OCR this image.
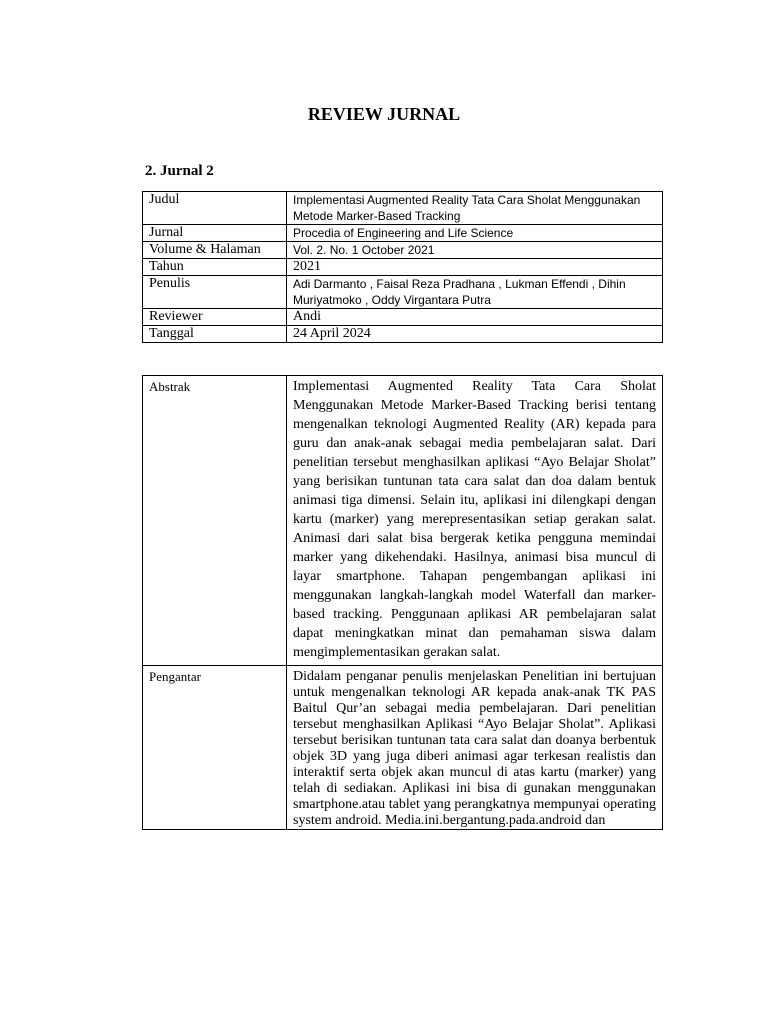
REVIEW JURNAL
2. Jurnal 2
Judul	Implementasi Augmented Reality Tata Cara Sholat Menggunakan Metode Marker-Based Tracking
Jurnal	Procedia of Engineering and Life Science
Volume & Halaman	Vol. 2. No. 1 October 2021
Tahun	2021
Penulis	Adi Darmanto , Faisal Reza Pradhana , Lukman Effendi , Dihin Muriyatmoko , Oddy Virgantara Putra
Reviewer	Andi
Tanggal	24 April 2024
Abstrak	Implementasi Augmented Reality Tata Cara Sholat Menggunakan Metode Marker-Based Tracking berisi tentang mengenalkan teknologi Augmented Reality (AR) kepada para guru dan anak-anak sebagai media pembelajaran salat. Dari penelitian tersebut menghasilkan aplikasi “Ayo Belajar Sholat” yang berisikan tuntunan tata cara salat dan doa dalam bentuk animasi tiga dimensi. Selain itu, aplikasi ini dilengkapi dengan kartu (marker) yang merepresentasikan setiap gerakan salat. Animasi dari salat bisa bergerak ketika pengguna memindai marker yang dikehendaki. Hasilnya, animasi bisa muncul di layar smartphone. Tahapan pengembangan aplikasi ini menggunakan langkah-langkah model Waterfall dan marker-based tracking. Penggunaan aplikasi AR pembelajaran salat dapat meningkatkan minat dan pemahaman siswa dalam mengimplementasikan gerakan salat.
Pengantar	Didalam penganar penulis menjelaskan Penelitian ini bertujuan untuk mengenalkan teknologi AR kepada anak-anak TK PAS Baitul Qur’an sebagai media pembelajaran. Dari penelitian tersebut menghasilkan Aplikasi “Ayo Belajar Sholat”. Aplikasi tersebut berisikan tuntunan tata cara salat dan doanya berbentuk objek 3D yang juga diberi animasi agar terkesan realistis dan interaktif serta objek akan muncul di atas kartu (marker) yang telah di sediakan. Aplikasi ini bisa di gunakan menggunakan smartphone.atau tablet yang perangkatnya mempunyai operating system android. Media.ini.bergantung.pada.android dan
